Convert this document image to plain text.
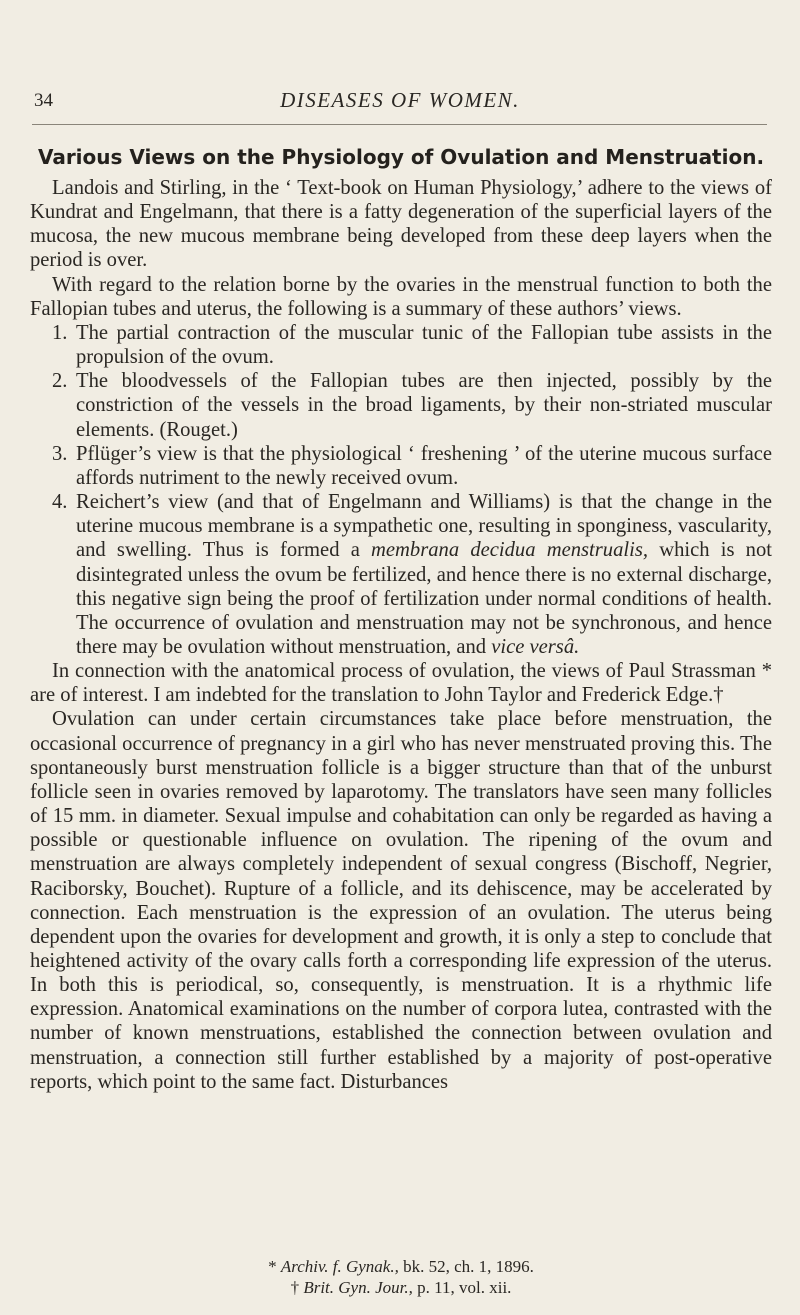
34	DISEASES OF WOMEN.
Various Views on the Physiology of Ovulation and Menstruation.

Landois and Stirling, in the ‘ Text-book on Human Physiology,’ adhere to the views of Kundrat and Engelmann, that there is a fatty degeneration of the superficial layers of the mucosa, the new mucous membrane being developed from these deep layers when the period is over.

With regard to the relation borne by the ovaries in the menstrual function to both the Fallopian tubes and uterus, the following is a summary of these authors’ views.

1. The partial contraction of the muscular tunic of the Fallopian tube assists in the propulsion of the ovum.

2. The bloodvessels of the Fallopian tubes are then injected, possibly by the constriction of the vessels in the broad ligaments, by their non-striated muscular elements. (Rouget.)

3. Pflüger’s view is that the physiological ‘ freshening ’ of the uterine mucous surface affords nutriment to the newly received ovum.

4. Reichert’s view (and that of Engelmann and Williams) is that the change in the uterine mucous membrane is a sympathetic one, resulting in sponginess, vascularity, and swelling. Thus is formed a membrana decidua menstrualis, which is not disintegrated unless the ovum be fertilized, and hence there is no external discharge, this negative sign being the proof of fertilization under normal conditions of health. The occurrence of ovulation and menstruation may not be synchronous, and hence there may be ovulation without menstruation, and vice versâ.

In connection with the anatomical process of ovulation, the views of Paul Strassman * are of interest. I am indebted for the translation to John Taylor and Frederick Edge.†

Ovulation can under certain circumstances take place before menstruation, the occasional occurrence of pregnancy in a girl who has never menstruated proving this. The spontaneously burst menstruation follicle is a bigger structure than that of the unburst follicle seen in ovaries removed by laparotomy. The translators have seen many follicles of 15 mm. in diameter. Sexual impulse and cohabitation can only be regarded as having a possible or questionable influence on ovulation. The ripening of the ovum and menstruation are always completely independent of sexual congress (Bischoff, Negrier, Raciborsky, Bouchet). Rupture of a follicle, and its dehiscence, may be accelerated by connection. Each menstruation is the expression of an ovulation. The uterus being dependent upon the ovaries for development and growth, it is only a step to conclude that heightened activity of the ovary calls forth a corresponding life expression of the uterus. In both this is periodical, so, consequently, is menstruation. It is a rhythmic life expression. Anatomical examinations on the number of corpora lutea, contrasted with the number of known menstruations, established the connection between ovulation and menstruation, a connection still further established by a majority of post-operative reports, which point to the same fact. Disturbances

* Archiv. f. Gynak., bk. 52, ch. 1, 1896.
† Brit. Gyn. Jour., p. 11, vol. xii.
